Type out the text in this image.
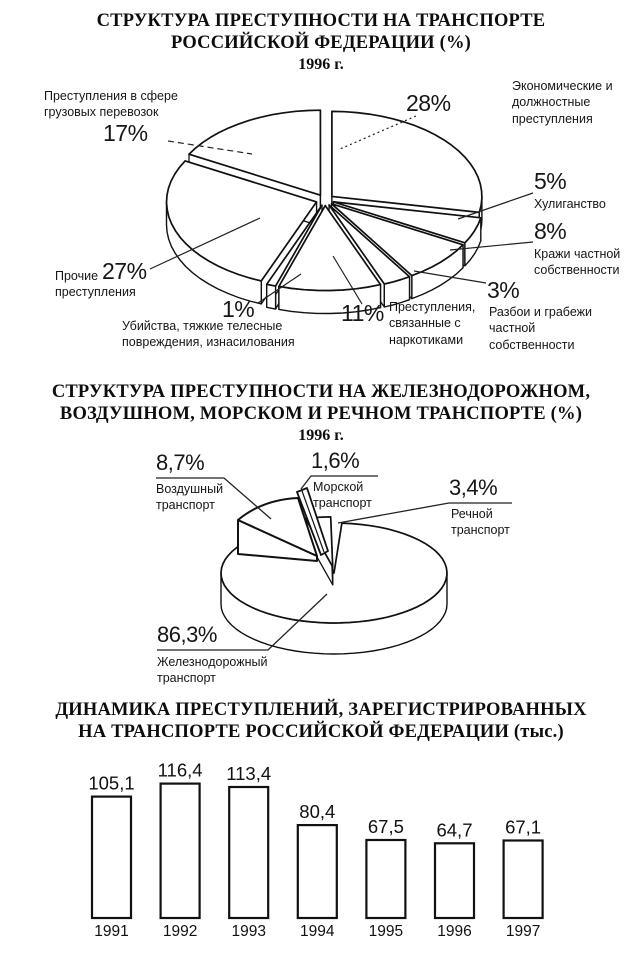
СТРУКТУРА ПРЕСТУПНОСТИ НА ТРАНСПОРТЕ
РОССИЙСКОЙ ФЕДЕРАЦИИ (%)
1996 г.
СТРУКТУРА ПРЕСТУПНОСТИ НА ЖЕЛЕЗНОДОРОЖНОМ,
ВОЗДУШНОМ, МОРСКОМ И РЕЧНОМ ТРАНСПОРТЕ (%)
1996 г.
ДИНАМИКА ПРЕСТУПЛЕНИЙ, ЗАРЕГИСТРИРОВАННЫХ
НА ТРАНСПОРТЕ РОССИЙСКОЙ ФЕДЕРАЦИИ (тыс.)
105,1
1991
116,4
1992
113,4
1993
80,4
1994
67,5
1995
64,7
1996
67,1
1997
Преступления в сфере грузовых перевозок
17%
28%
Экономические и должностные преступления
5%
Хулиганство
8%
Кражи частной собственности
3%
Разбои и грабежи частной собственности
11% Преступления, связанные с наркотиками
1%
Убийства, тяжкие телесные повреждения, изнасилования
Прочие преступления
27%
8,7%
Воздушный транспорт
1,6%
Морской транспорт
3,4%
Речной транспорт
86,3%
Железнодорожный транспорт
